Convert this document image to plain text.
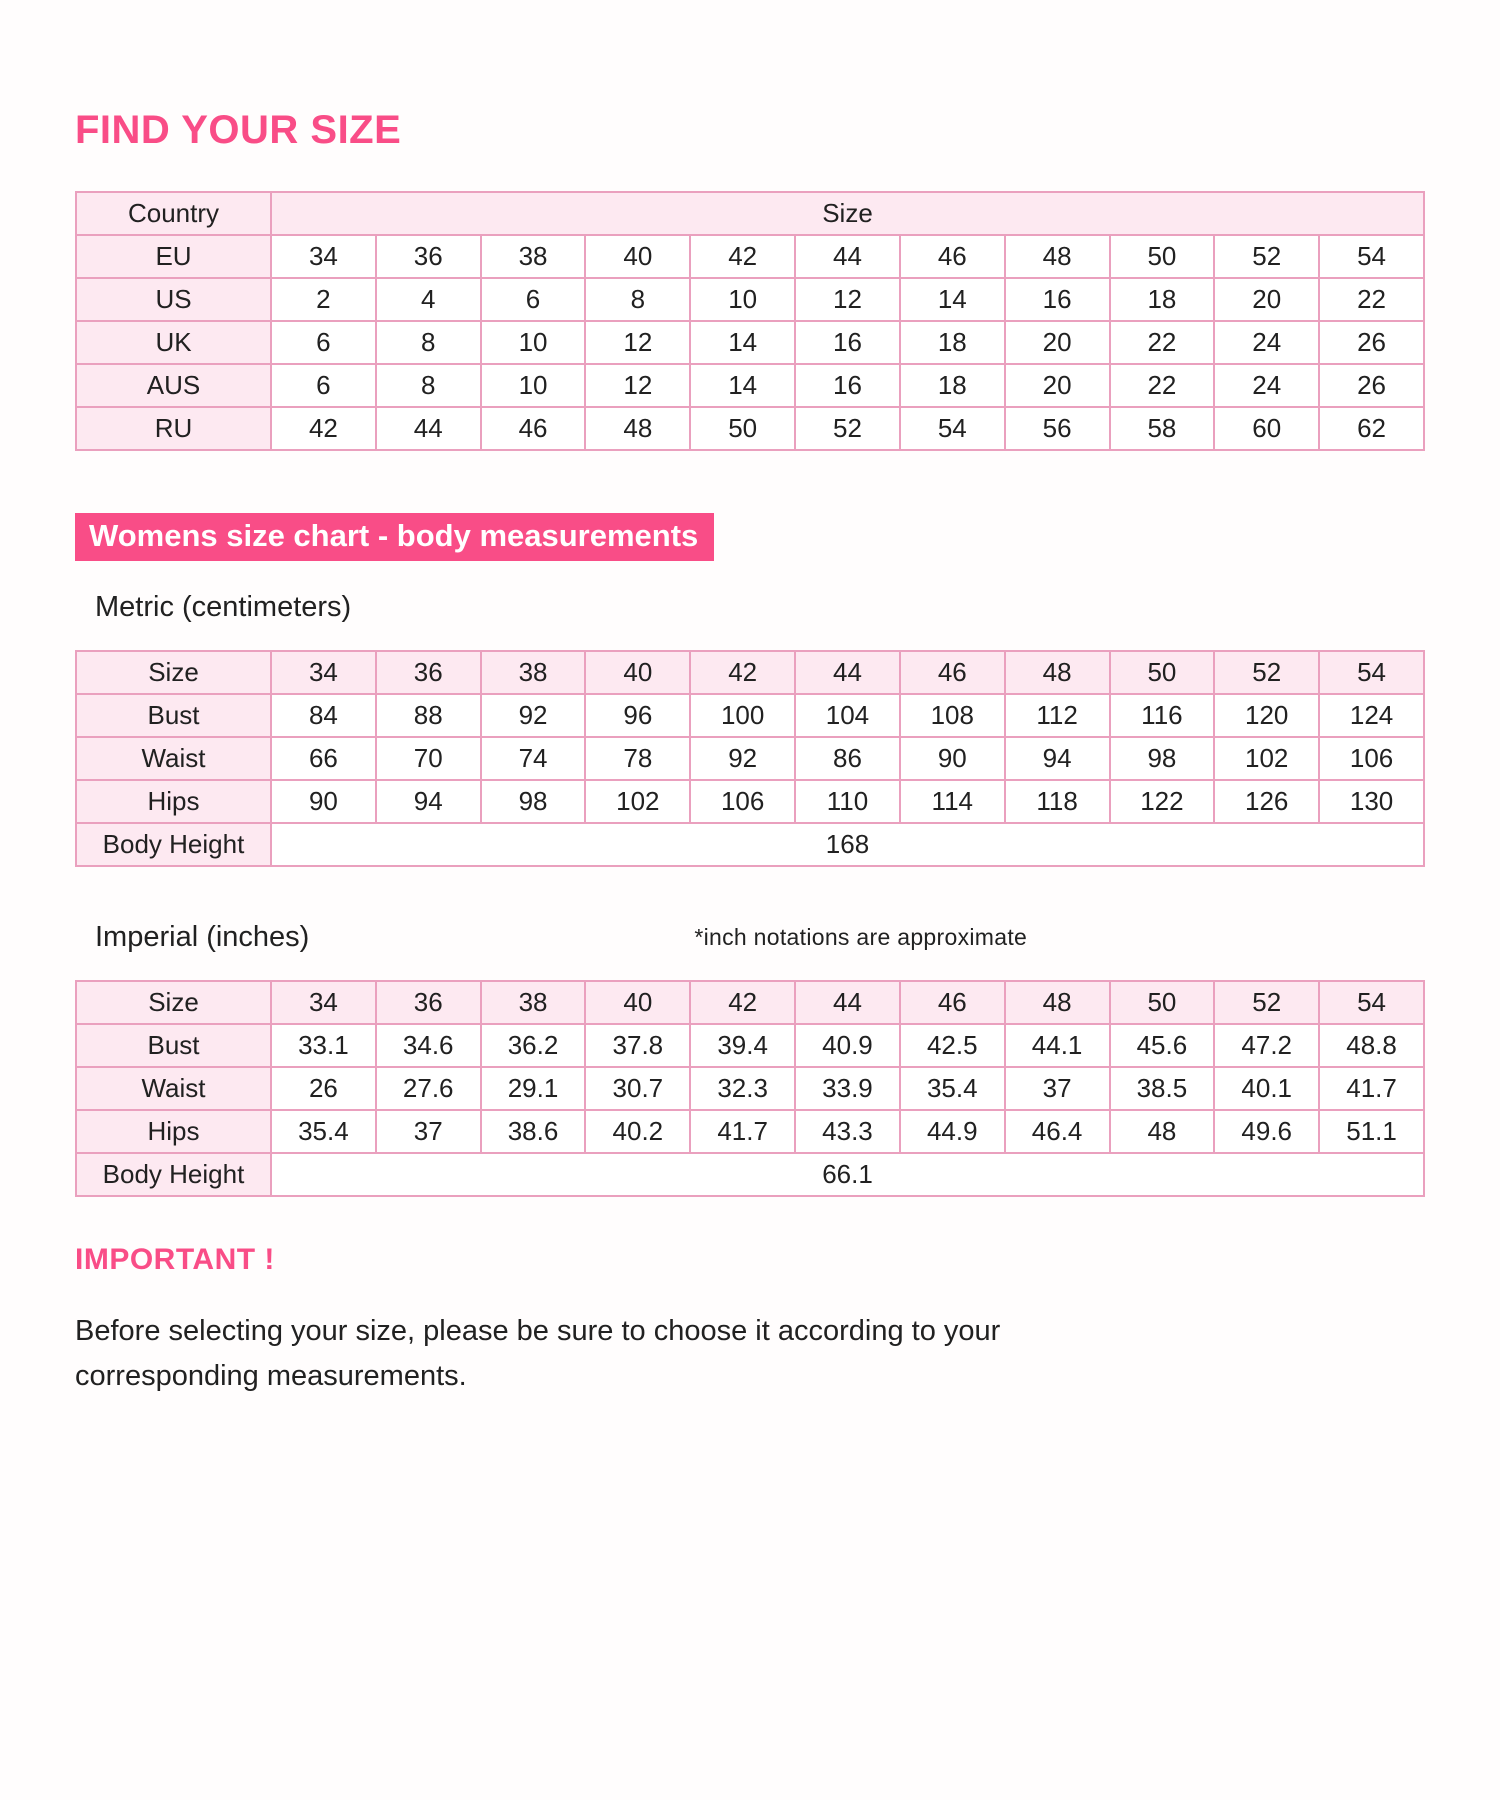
FIND YOUR SIZE
Country	Size										
EU	34	36	38	40	42	44	46	48	50	52	54
US	2	4	6	8	10	12	14	16	18	20	22
UK	6	8	10	12	14	16	18	20	22	24	26
AUS	6	8	10	12	14	16	18	20	22	24	26
RU	42	44	46	48	50	52	54	56	58	60	62
Womens size chart - body measurements
Metric (centimeters)
Size	34	36	38	40	42	44	46	48	50	52	54
Bust	84	88	92	96	100	104	108	112	116	120	124
Waist	66	70	74	78	92	86	90	94	98	102	106
Hips	90	94	98	102	106	110	114	118	122	126	130
Body Height	168										
Imperial (inches)	*inch notations are approximate
Size	34	36	38	40	42	44	46	48	50	52	54
Bust	33.1	34.6	36.2	37.8	39.4	40.9	42.5	44.1	45.6	47.2	48.8
Waist	26	27.6	29.1	30.7	32.3	33.9	35.4	37	38.5	40.1	41.7
Hips	35.4	37	38.6	40.2	41.7	43.3	44.9	46.4	48	49.6	51.1
Body Height	66.1										
IMPORTANT !

Before selecting your size, please be sure to choose it according to your corresponding measurements.
